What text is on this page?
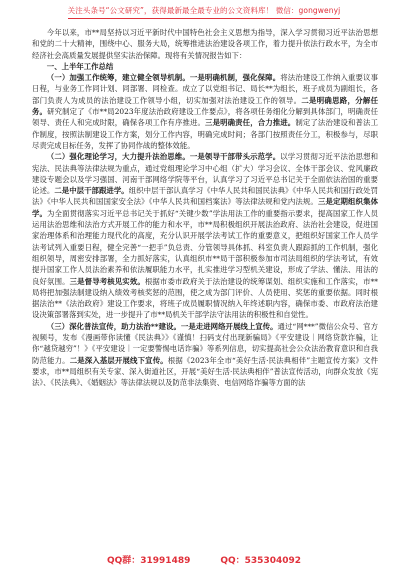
关注头条号“公文研究”，获得最新最全最专业的公文资料库！ 微信：gongwenyj

今年以来，市**局坚持以习近平新时代中国特色社会主义思想为指导，深入学习贯彻习近平法治思想和党的二十大精神，围绕中心、服务大局，统筹推进法治建设各项工作，着力提升依法行政水平，为全市经济社会高质量发展提供坚实法治保障。现将有关情况报告如下：

一、上半年工作总结

（一）加强工作统筹，建立健全领导机制。一是明确机制，强化保障。将法治建设工作纳入重要议事日程，与业务工作同计划、同部署、同检查。成立了以党组书记、局长**为组长，班子成员为副组长，各部门负责人为成员的法治建设工作领导小组，切实加强对法治建设工作的领导。二是明确思路，分解任务。研究制定了《市**局2023年度法治政府建设工作要点》，将各项任务细化分解到具体部门，明确责任领导、责任人和完成时限，确保各项工作有序推进。三是明确责任，合力推进。制定了法治建设和普法工作制度，按照法制建设工作方案，划分工作内容，明确完成时间；各部门按照责任分工，积极参与，尽职尽责完成目标任务，发挥了协同作战的整体效能。

（二）强化理论学习，大力提升法治思维。一是领导干部带头示范学。以学习贯彻习近平法治思想和宪法、民法典等法律法规为重点，通过党组理论学习中心组（扩大）学习会议、全体干部会议、党风廉政建设专题会以及学习强国、河南干部网络学院等平台，认真学习了习近平总书记关于全面依法治国的重要论述。二是中层干部跟进学。组织中层干部认真学习《中华人民共和国民法典》《中华人民共和国行政处罚法》《中华人民共和国国家安全法》《中华人民共和国档案法》等法律法规和党内法规。三是定期组织集体学。为全面贯彻落实习近平总书记关于抓好“关键少数”学法用法工作的重要指示要求，提高国家工作人员运用法治思维和法治方式开展工作的能力和水平，市**局积极组织开展法治政府、法治社会建设，促进国家治理体系和治理能力现代化的高度，充分认识开展学法考试工作的重要意义，把组织好国家工作人员学法考试列入重要日程，健全完善“一把手”负总责、分管领导具体抓、科室负责人跟踪抓的工作机制，强化组织领导，周密安排部署，全力抓好落实，认真组织市**局干部积极参加市司法局组织的学法考试，有效提升国家工作人员法治素养和依法履职能力水平，扎实推进学习型机关建设，形成了学法、懂法、用法的良好氛围。三是督导考核见实效。根据市委市政府关于法治建设的统筹谋划、组织实施和工作落实，市**局将把加强法制建设纳入绩效考核奖惩的范围，使之成为部门评价、人员使用、奖惩的重要依据。同时根据法治**《法治政府》建设工作要求，将班子成员履职情况纳入年终述职内容，确保市委、市政府法治建设决策部署落到实处，进一步提升了市**局机关干部学法守法用法的积极性和自觉性。

（三）深化普法宣传，助力法治**建设。一是走进网络开展线上宣传。通过“网***”微信公众号、官方视频号，发布《漫画带你读懂《民法典》》《谨慎！扫码支付出现新骗局》《平安建设｜网络贷款诈骗，让你“越贷越穷”！》《平安建设｜一定要警惕电话诈骗》等系列信息，切实提高社会公众法治教育意识和自我防范能力。二是深入基层开展线下宣传。根据《2023年全市“美好生活·民法典相伴”主题宣传方案》文件要求，市**局组织有关专家、深入街道社区，开展“美好生活·民法典相伴”普法宣传活动，向群众发放《宪法》、《民法典》、《婚姻法》等法律法规以及防范非法集资、电信网络诈骗等方面的法

QQ群：31991489	QQ：535304092
